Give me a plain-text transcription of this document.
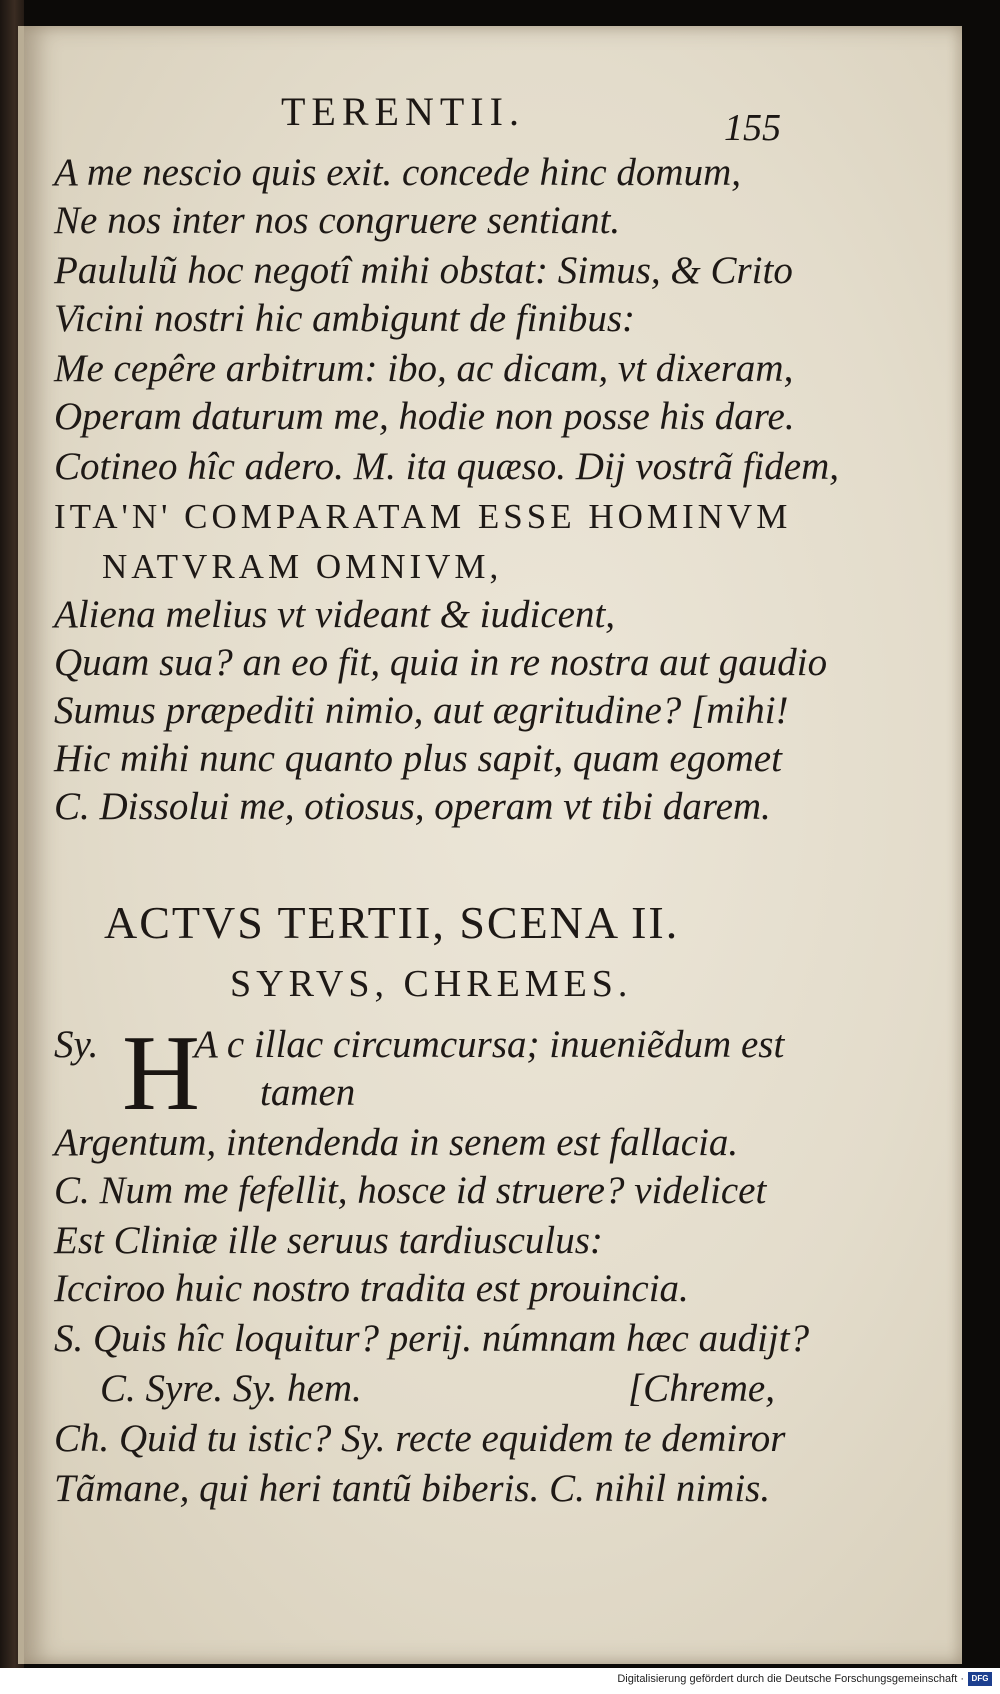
TERENTII.	155
A me nescio quis exit. concede hinc domum,
Ne nos inter nos congruere sentiant.
Paululũ hoc negotî mihi obstat: Simus, & Crito
Vicini nostri hic ambigunt de finibus:
Me cepêre arbitrum: ibo, ac dicam, vt dixeram,
Operam daturum me, hodie non posse his dare.
Cotineo hîc adero. M. ita quæso. Dij vostrã fidem,
ITA'N' COMPARATAM ESSE HOMINVM
NATVRAM OMNIVM,
Aliena melius vt videant & iudicent,
Quam sua? an eo fit, quia in re nostra aut gaudio
Sumus præpediti nimio, aut ægritudine? [mihi!
Hic mihi nunc quanto plus sapit, quam egomet
C. Dissolui me, otiosus, operam vt tibi darem.
ACTVS TERTII, SCENA II.
SYRVS, CHREMES.
Sy. H
A c illac circumcursa; inueniẽdum est
tamen
Argentum, intendenda in senem est fallacia.
C. Num me fefellit, hosce id struere? videlicet
Est Cliniæ ille seruus tardiusculus:
Icciroo huic nostro tradita est prouincia.
S. Quis hîc loquitur? perij. númnam hæc audijt?
C. Syre. Sy. hem.	[Chreme,
Ch. Quid tu istic? Sy. recte equidem te demiror
Tãmane, qui heri tantũ biberis. C. nihil nimis.
Digitalisierung gefördert durch die Deutsche Forschungsgemeinschaft · DFG
